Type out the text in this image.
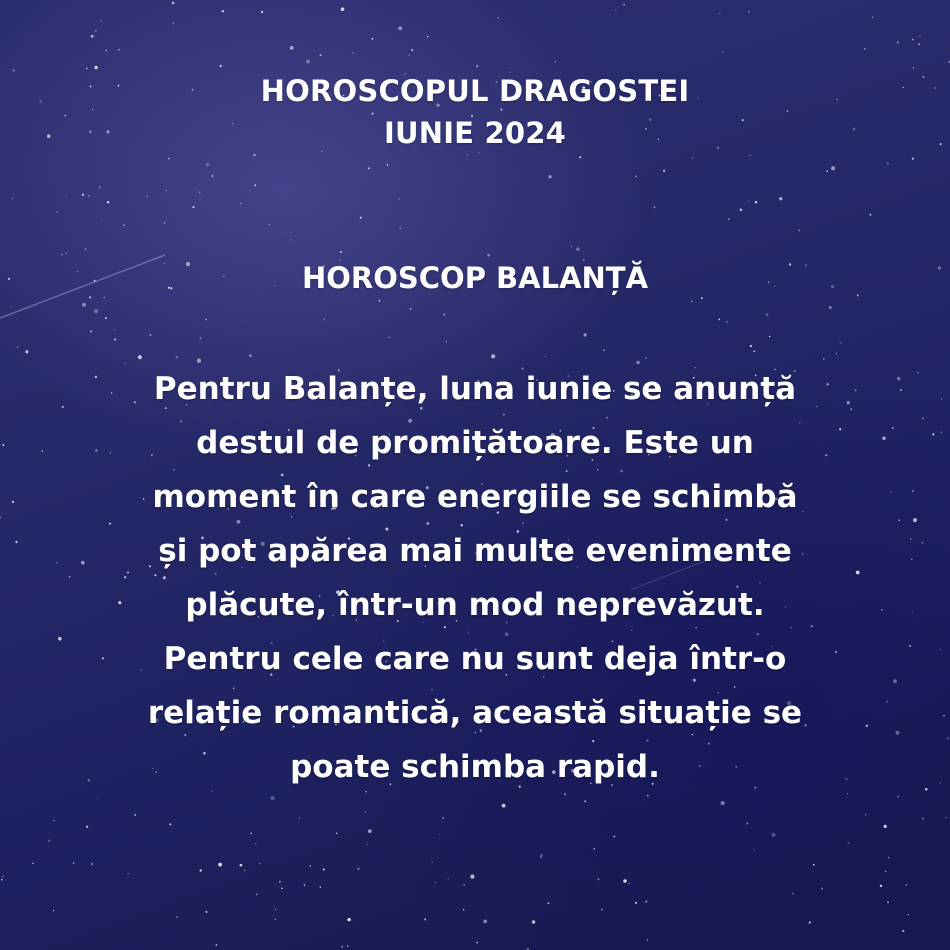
HOROSCOPUL DRAGOSTEI
IUNIE 2024
HOROSCOP BALANȚĂ
Pentru Balanțe, luna iunie se anunță
destul de promițătoare. Este un
moment în care energiile se schimbă
și pot apărea mai multe evenimente
plăcute, într-un mod neprevăzut.
Pentru cele care nu sunt deja într-o
relație romantică, această situație se
poate schimba rapid.
